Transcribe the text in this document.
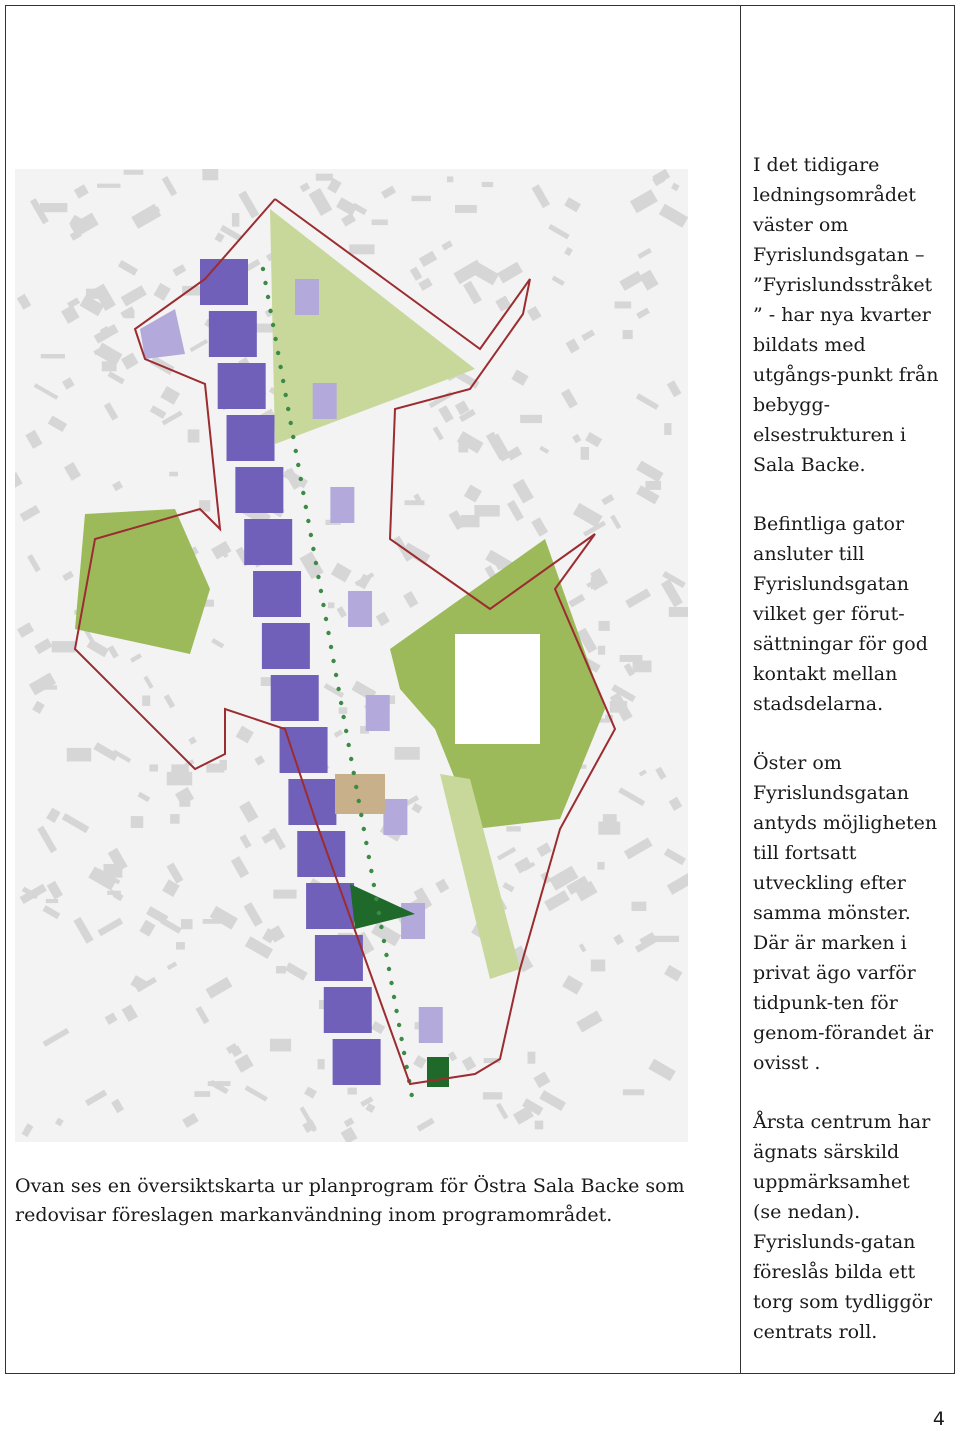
Ovan ses en översiktskarta ur planprogram för Östra Sala Backe som redovisar föreslagen markanvändning inom programområdet.

I det tidigare ledningsområdet väster om Fyrislundsgatan – ”Fyrislundsstråket ” - har nya kvarter bildats med utgångs-punkt från bebygg-elsestrukturen i Sala Backe.

Befintliga gator ansluter till Fyrislundsgatan vilket ger förut-sättningar för god kontakt mellan stadsdelarna.

Öster om Fyrislundsgatan antyds möjligheten till fortsatt utveckling efter samma mönster. Där är marken i privat ägo varför tidpunk-ten för genom-förandet är ovisst .

Årsta centrum har ägnats särskild uppmärksamhet (se nedan). Fyrislunds-gatan föreslås bilda ett torg som tydliggör centrats roll.

4
